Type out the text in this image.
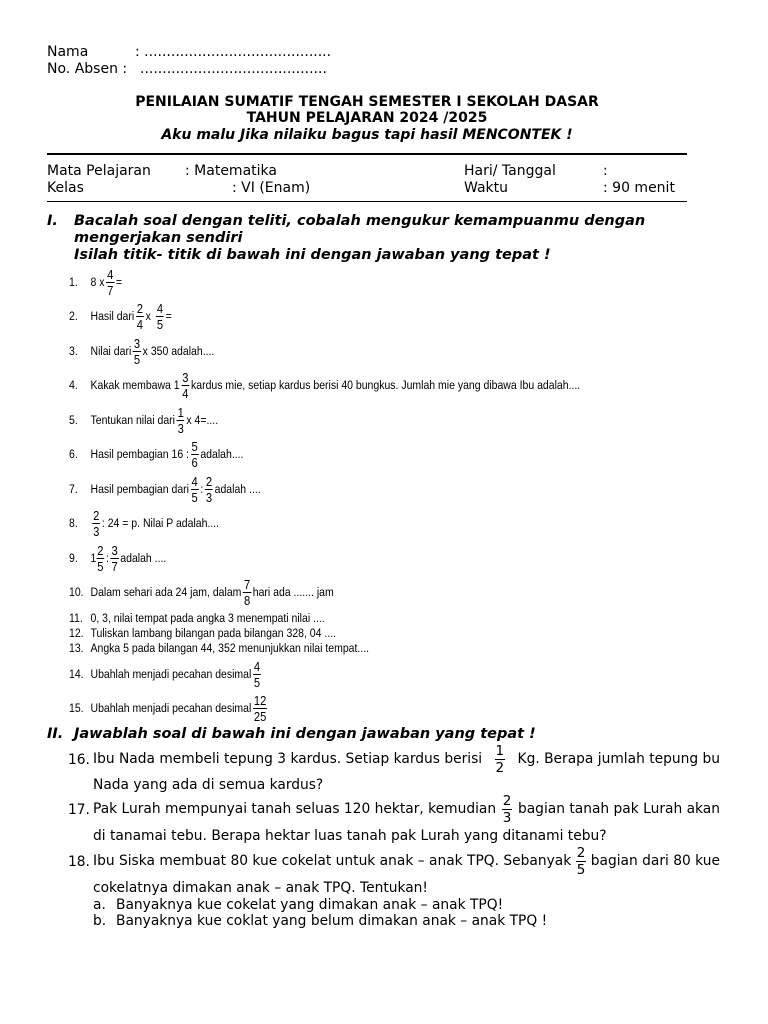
Nama	: ..........................................
No. Absen : ..........................................
PENILAIAN SUMATIF TENGAH SEMESTER I SEKOLAH DASAR
TAHUN PELAJARAN 2024 /2025
Aku malu Jika nilaiku bagus tapi hasil MENCONTEK !
Mata Pelajaran : Matematika	Hari/ Tanggal	:
Kelas	: VI (Enam)	Waktu	: 90 menit
I. Bacalah soal dengan teliti, cobalah mengukur kemampuanmu dengan
mengerjakan sendiri
Isilah titik- titik di bawah ini dengan jawaban yang tepat !
1.	8 x $\frac{4}{7}$ =
2.	Hasil dari $\frac{2}{4}$ x $\frac{4}{5}$ =
3.	Nilai dari $\frac{3}{5}$ x 350 adalah....
4.	Kakak membawa $1 \frac{3}{4}$ kardus mie, setiap kardus berisi 40 bungkus. Jumlah mie yang dibawa Ibu adalah....
5.	Tentukan nilai dari $\frac{1}{3}$ x 4=....
6.	Hasil pembagian 16 : $\frac{5}{6}$ adalah....
7.	Hasil pembagian dari $\frac{4}{5}$ : $\frac{2}{3}$ adalah ....
8.	$\frac{2}{3}$ : 24 = p. Nilai P adalah....
9.	$1 \frac{2}{5}$ : $\frac{3}{7}$ adalah ....
10. Dalam sehari ada 24 jam, dalam $\frac{7}{8}$ hari ada ....... jam
11. 0, 3, nilai tempat pada angka 3 menempati nilai ....
12. Tuliskan lambang bilangan pada bilangan 328, 04 ....
13. Angka 5 pada bilangan 44, 352 menunjukkan nilai tempat....
14. Ubahlah menjadi pecahan desimal $\frac{4}{5}$
15. Ubahlah menjadi pecahan desimal $\frac{12}{25}$
II. Jawablah soal di bawah ini dengan jawaban yang tepat !
16. Ibu Nada membeli tepung 3 kardus. Setiap kardus berisi $\frac{1}{2} Kg$. Berapa jumlah tepung bu
Nada yang ada di semua kardus?
17. Pak Lurah mempunyai tanah seluas 120 hektar, kemudian $\frac{2}{3}$ bagian tanah pak Lurah akan
di tanamai tebu. Berapa hektar luas tanah pak Lurah yang ditanami tebu?
18. Ibu Siska membuat 80 kue cokelat untuk anak – anak TPQ. Sebanyak $\frac{2}{5}$ bagian dari 80 kue
cokelatnya dimakan anak – anak TPQ. Tentukan!
a. Banyaknya kue cokelat yang dimakan anak – anak TPQ!
b. Banyaknya kue coklat yang belum dimakan anak – anak TPQ !
